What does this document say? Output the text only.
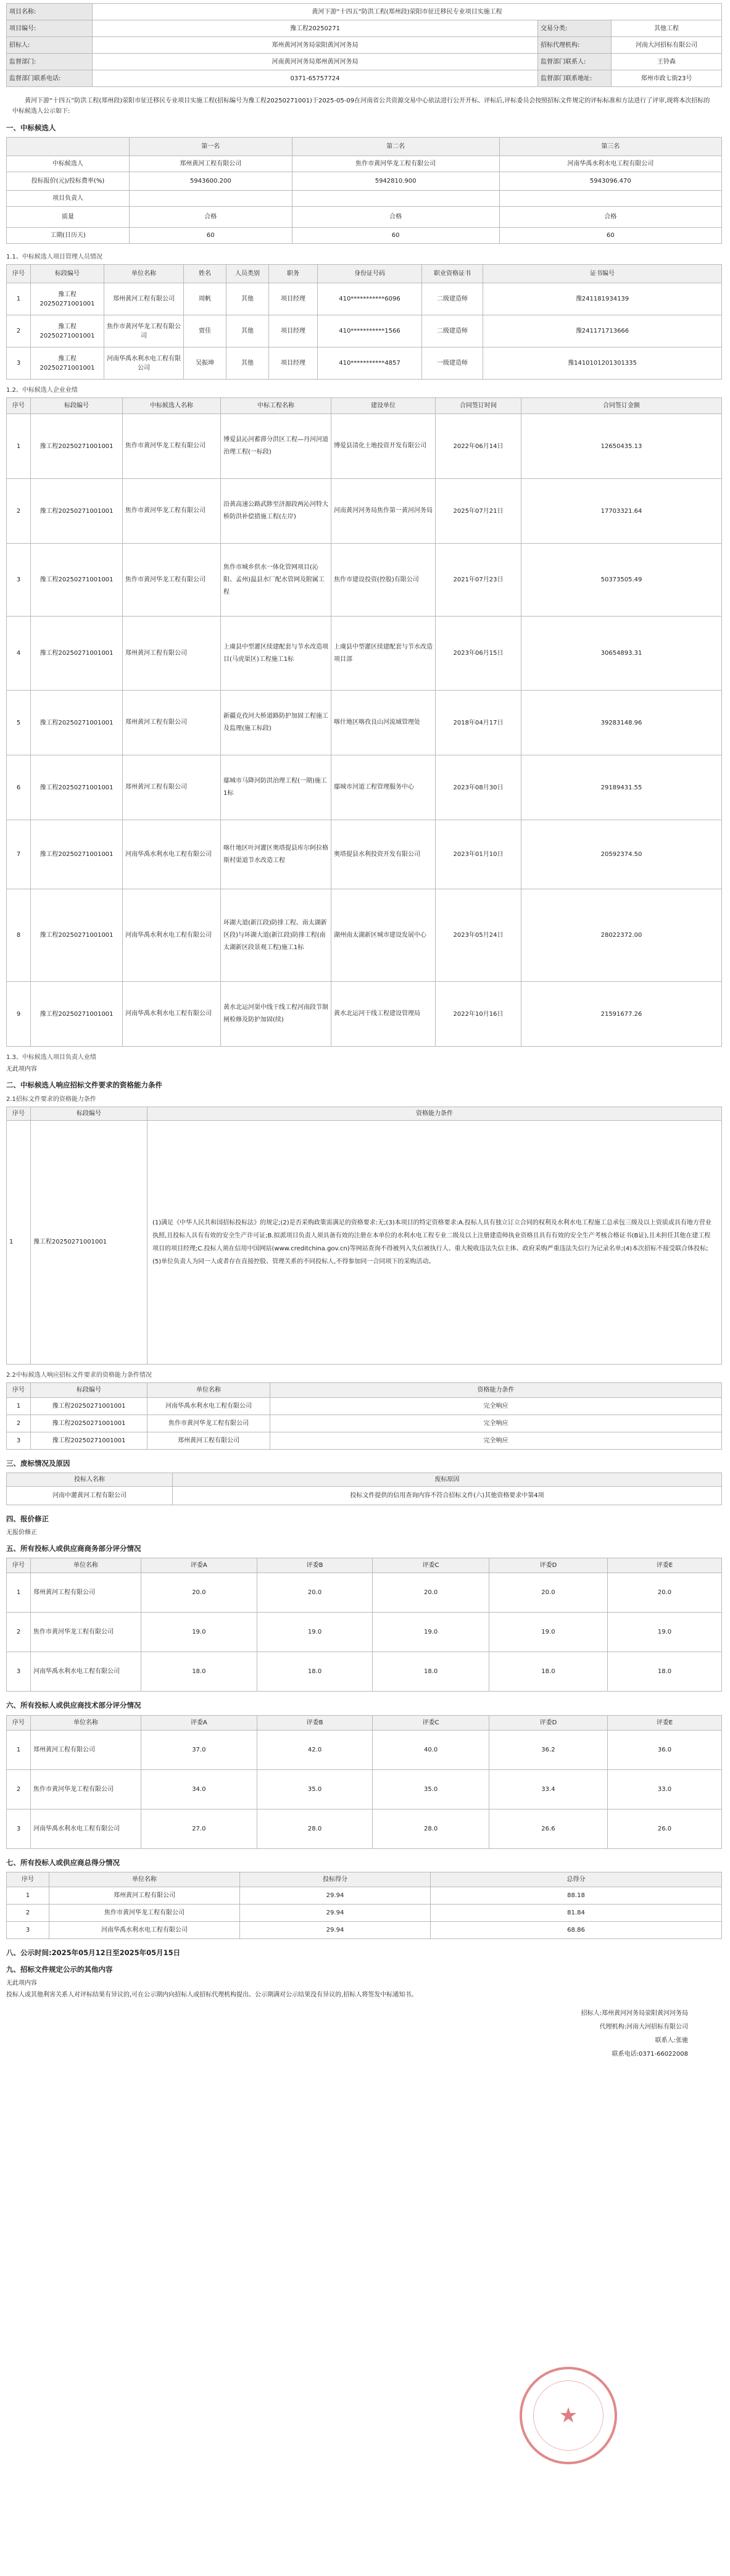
项目名称:	黄河下游“十四五”防洪工程(郑州段)荥阳市征迁移民专业项目实施工程		
项目编号:	豫工程20250271	交易分类:	其他工程
招标人:	郑州黄河河务局荥阳黄河河务局	招标代理机构:	河南大河招标有限公司
监督部门:	河南黄河河务局郑州黄河河务局	监督部门联系人:	王铃森
监督部门联系电话:	0371-65757724	监督部门联系地址:	郑州市政七街23号

黄河下游“十四五”防洪工程(郑州段)荥阳市征迁移民专业项目实施工程(招标编号为豫工程20250271001)于2025-05-09在河南省公共资源交易中心依法进行公开开标、评标后,评标委员会按照招标文件规定的评标标准和方法进行了评审,现将本次招标的中标候选人公示如下:

一、中标候选人
	第一名	第二名	第三名
中标候选人	郑州黄河工程有限公司	焦作市黄河华龙工程有限公司	河南华禹水利水电工程有限公司
投标报价(元)/投标费率(%)	5943600.200	5942810.900	5943096.470
项目负责人			
质量	合格	合格	合格
工期(日历天)	60	60	60
1.1、中标候选人项目管理人员情况
序号	标段编号	单位名称	姓名	人员类别	职务	身份证号码	职业资格证书	证书编号
1	豫工程20250271001001	郑州黄河工程有限公司	周帆	其他	项目经理	410***********6096	二级建造师	豫241181934139
2	豫工程20250271001001	焦作市黄河华龙工程有限公司	贾佳	其他	项目经理	410***********1566	二级建造师	豫241171713666
3	豫工程20250271001001	河南华禹水利水电工程有限公司	吴振坤	其他	项目经理	410***********4857	一级建造师	豫1410101201301335
1.2、中标候选人企业业绩
序号	标段编号	中标候选人名称	中标工程名称	建设单位	合同签订时间	合同签订金额
1	豫工程20250271001001	焦作市黄河华龙工程有限公司	博爱县沁河蓄滞分洪区工程—丹河河道治理工程(一标段)	博爱县清化土地投资开发有限公司	2022年06月14日	12650435.13
2	豫工程20250271001001	焦作市黄河华龙工程有限公司	沿黄高速公路武陟至济源段两沁河特大桥防洪补偿措施工程(左岸)	河南黄河河务局焦作第一黄河河务局	2025年07月21日	17703321.64
3	豫工程20250271001001	焦作市黄河华龙工程有限公司	焦作市城乡供水一体化管网项目(沁阳、孟州)温县水厂配水管网及附属工程	焦作市建设投资(控股)有限公司	2021年07月23日	50373505.49
4	豫工程20250271001001	郑州黄河工程有限公司	上虞县中型灌区续建配套与节水改造项目(马虎渠区)工程施工1标	上虞县中型灌区续建配套与节水改造项目部	2023年06月15日	30654893.31
5	豫工程20250271001001	郑州黄河工程有限公司	新疆克孜河大桥道路防护加固工程施工及监理(施工标段)	喀什地区喀孜良山河流域管理处	2018年04月17日	39283148.96
6	豫工程20250271001001	郑州黄河工程有限公司	鄢城市马降河防洪治理工程(一期)施工1标	鄢城市河道工程管理服务中心	2023年08月30日	29189431.55
7	豫工程20250271001001	河南华禹水利水电工程有限公司	喀什地区叶河灌区奥塔提县库尔阿拉格斯村渠道节水改造工程	奥塔提县水利投资开发有限公司	2023年01月10日	20592374.50
8	豫工程20250271001001	河南华禹水利水电工程有限公司	环湖大道(新江段)防排工程、南太湖新区段)与环湖大道(新江段)防排工程(南太湖新区段景观工程)施工1标	湖州南太湖新区城市建设发展中心	2023年05月24日	28022372.00
9	豫工程20250271001001	河南华禹水利水电工程有限公司	黄水北运河渠中线干线工程河南段节制闸检修及防护加固(续)	黄水北运河干线工程建设管理局	2022年10月16日	21591677.26
1.3、中标候选人项目负责人业绩
无此项内容
二、中标候选人响应招标文件要求的资格能力条件
2.1招标文件要求的资格能力条件
序号	标段编号	资格能力条件
1	豫工程20250271001001	(1)满足《中华人民共和国招标投标法》的规定;(2)是否采购政策需满足的资格要求:无;(3)本项目的特定资格要求:A.投标人具有独立订立合同的权利及水利水电工程施工总承包三级及以上资质或具有地方营业执照,且投标人具有有效的安全生产许可证;B.拟派项目负责人须具备有效的注册在本单位的水利水电工程专业二级及以上注册建造师执业资格且具有有效的安全生产考核合格证书(B证),且未担任其他在建工程项目的项目经理;C.投标人须在信用中国网站(www.creditchina.gov.cn)等网站查询不得被列入失信被执行人、重大税收违法失信主体、政府采购严重违法失信行为记录名单;(4)本次招标不接受联合体投标;(5)单位负责人为同一人或者存在直接控股、管理关系的不同投标人,不得参加同一合同项下的采购活动。
2.2中标候选人响应招标文件要求的资格能力条件情况
序号	标段编号	单位名称	资格能力条件
1	豫工程20250271001001	河南华禹水利水电工程有限公司	完全响应
2	豫工程20250271001001	焦作市黄河华龙工程有限公司	完全响应
3	豫工程20250271001001	郑州黄河工程有限公司	完全响应
三、废标情况及原因
投标人名称	废标原因
河南中灌黄河工程有限公司	投标文件提供的信用查询内容不符合招标文件(六)其他资格要求中第4项
四、报价修正
无报价修正
五、所有投标人或供应商商务部分评分情况
序号	单位名称	评委A	评委B	评委C	评委D	评委E
1	郑州黄河工程有限公司	20.0	20.0	20.0	20.0	20.0
2	焦作市黄河华龙工程有限公司	19.0	19.0	19.0	19.0	19.0
3	河南华禹水利水电工程有限公司	18.0	18.0	18.0	18.0	18.0
六、所有投标人或供应商技术部分评分情况
序号	单位名称	评委A	评委B	评委C	评委D	评委E
1	郑州黄河工程有限公司	37.0	42.0	40.0	36.2	36.0
2	焦作市黄河华龙工程有限公司	34.0	35.0	35.0	33.4	33.0
3	河南华禹水利水电工程有限公司	27.0	28.0	28.0	26.6	26.0
七、所有投标人或供应商总得分情况
序号	单位名称	投标得分	总得分
1	郑州黄河工程有限公司	29.94	88.18
2	焦作市黄河华龙工程有限公司	29.94	81.84
3	河南华禹水利水电工程有限公司	29.94	68.86
八、公示时间:2025年05月12日至2025年05月15日
九、招标文件规定公示的其他内容
无此项内容
投标人或其他利害关系人对评标结果有异议的,可在公示期内向招标人或招标代理机构提出。公示期满对公示结果没有异议的,招标人将签发中标通知书。
招标人:郑州黄河河务局荥阳黄河河务局
代理机构:河南大河招标有限公司
联系人:张驰
联系电话:0371-66022008
★
